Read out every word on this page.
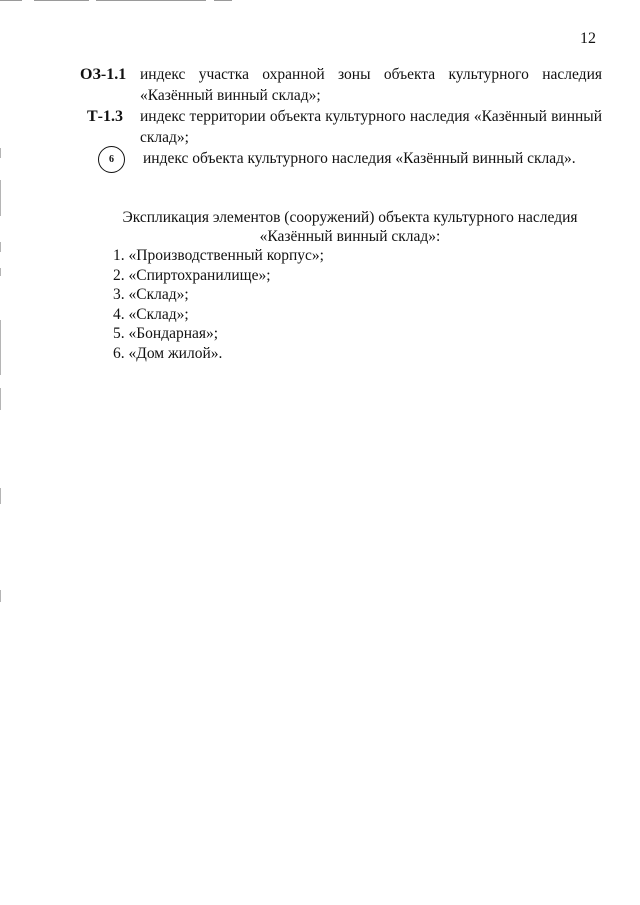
12
ОЗ-1.1 индекс участка охранной зоны объекта культурного наследия «Казённый винный склад»;
Т-1.3 индекс территории объекта культурного наследия «Казённый винный склад»;
6	индекс объекта культурного наследия «Казённый винный склад».
Экспликация элементов (сооружений) объекта культурного наследия
«Казённый винный склад»:
1. «Производственный корпус»;
2. «Спиртохранилище»;
3. «Склад»;
4. «Склад»;
5. «Бондарная»;
6. «Дом жилой».
